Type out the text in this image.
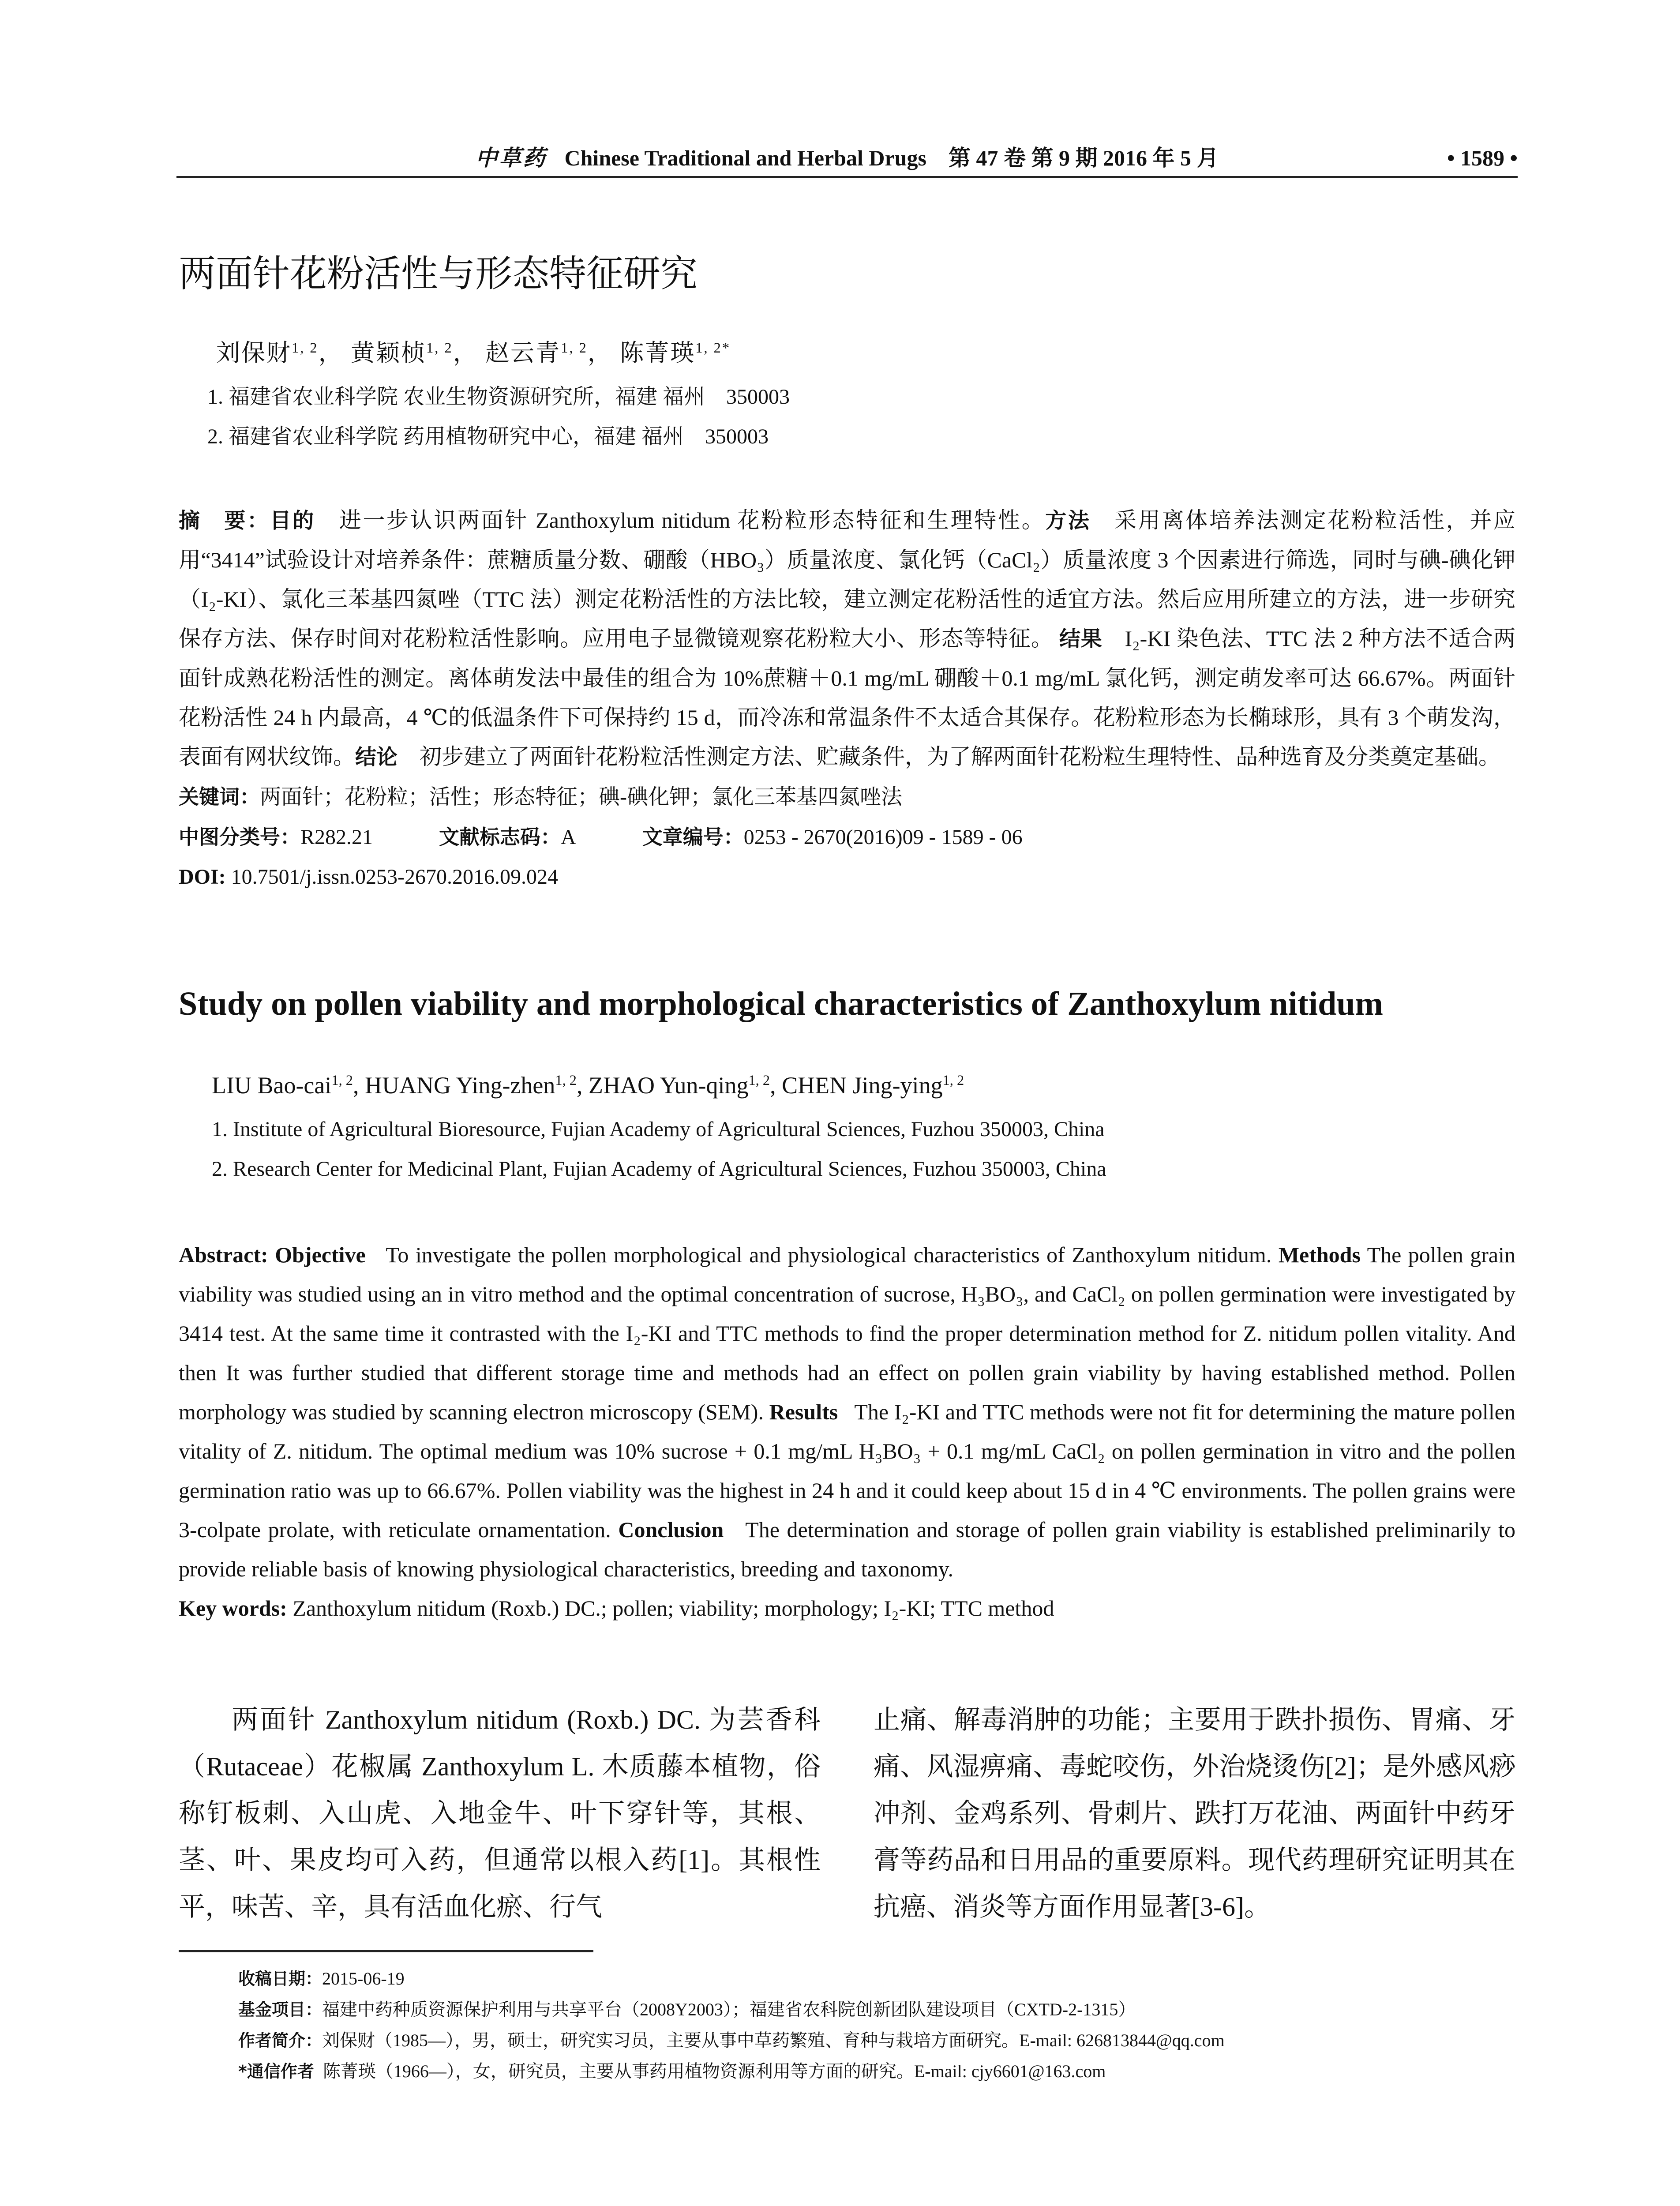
中草药 Chinese Traditional and Herbal Drugs　第 47 卷 第 9 期 2016 年 5 月	• 1589 •
两面针花粉活性与形态特征研究
刘保财$^{1, 2}$， 黄颖桢$^{1, 2}$， 赵云青$^{1, 2}$， 陈菁瑛$^{1, 2*}$
1. 福建省农业科学院 农业生物资源研究所，福建 福州　350003
2. 福建省农业科学院 药用植物研究中心，福建 福州　350003

摘　要：目的　 进一步认识两面针 Zanthoxylum nitidum 花粉粒形态特征和生理特性。方法　 采用离体培养法测定花粉粒活性，并应用“3414”试验设计对培养条件：蔗糖质量分数、硼酸（HBO₃）质量浓度、氯化钙（CaCl₂）质量浓度 3 个因素进行筛选，同时与碘-碘化钾（I₂-KI）、氯化三苯基四氮唑（TTC 法）测定花粉活性的方法比较，建立测定花粉活性的适宜方法。然后应用所建立的方法，进一步研究保存方法、保存时间对花粉粒活性影响。应用电子显微镜观察花粉粒大小、形态等特征。 结果　 I₂-KI 染色法、TTC 法 2 种方法不适合两面针成熟花粉活性的测定。离体萌发法中最佳的组合为 10%蔗糖＋0.1 mg/mL 硼酸＋0.1 mg/mL 氯化钙，测定萌发率可达 66.67%。两面针花粉活性 24 h 内最高，4 ℃的低温条件下可保持约 15 d，而冷冻和常温条件不太适合其保存。花粉粒形态为长椭球形，具有 3 个萌发沟，表面有网状纹饰。结论　 初步建立了两面针花粉粒活性测定方法、贮藏条件，为了解两面针花粉粒生理特性、品种选育及分类奠定基础。

关键词：两面针；花粉粒；活性；形态特征；碘-碘化钾；氯化三苯基四氮唑法

中图分类号：R282.21	文献标志码：A	文章编号：0253 - 2670(2016)09 - 1589 - 06

DOI: 10.7501/j.issn.0253-2670.2016.09.024

Study on pollen viability and morphological characteristics of Zanthoxylum nitidum
LIU Bao-cai$^{1, 2}$, HUANG Ying-zhen$^{1, 2}$, ZHAO Yun-qing$^{1, 2}$, CHEN Jing-ying$^{1, 2}$
1. Institute of Agricultural Bioresource, Fujian Academy of Agricultural Sciences, Fuzhou 350003, China
2. Research Center for Medicinal Plant, Fujian Academy of Agricultural Sciences, Fuzhou 350003, China

Abstract: Objective To investigate the pollen morphological and physiological characteristics of Zanthoxylum nitidum. Methods The pollen grain viability was studied using an in vitro method and the optimal concentration of sucrose, H₃BO₃, and CaCl₂ on pollen germination were investigated by 3414 test. At the same time it contrasted with the I₂-KI and TTC methods to find the proper determination method for Z. nitidum pollen vitality. And then It was further studied that different storage time and methods had an effect on pollen grain viability by having established method. Pollen morphology was studied by scanning electron microscopy (SEM). Results The I₂-KI and TTC methods were not fit for determining the mature pollen vitality of Z. nitidum. The optimal medium was 10% sucrose + 0.1 mg/mL H₃BO₃ + 0.1 mg/mL CaCl₂ on pollen germination in vitro and the pollen germination ratio was up to 66.67%. Pollen viability was the highest in 24 h and it could keep about 15 d in 4 ℃ environments. The pollen grains were 3-colpate prolate, with reticulate ornamentation. Conclusion The determination and storage of pollen grain viability is established preliminarily to provide reliable basis of knowing physiological characteristics, breeding and taxonomy.

Key words: Zanthoxylum nitidum (Roxb.) DC.; pollen; viability; morphology; I₂-KI; TTC method

两面针 Zanthoxylum nitidum (Roxb.) DC. 为芸香科（Rutaceae）花椒属 Zanthoxylum L. 木质藤本植物，俗称钉板刺、入山虎、入地金牛、叶下穿针等，其根、茎、叶、果皮均可入药，但通常以根入药[1]。其根性平，味苦、辛，具有活血化瘀、行气

止痛、解毒消肿的功能；主要用于跌扑损伤、胃痛、牙痛、风湿痹痛、毒蛇咬伤，外治烧烫伤[2]；是外感风痧冲剂、金鸡系列、骨刺片、跌打万花油、两面针中药牙膏等药品和日用品的重要原料。现代药理研究证明其在抗癌、消炎等方面作用显著[3-6]。

收稿日期：2015-06-19

基金项目：福建中药种质资源保护利用与共享平台（2008Y2003）；福建省农科院创新团队建设项目（CXTD-2-1315）

作者简介：刘保财（1985—），男，硕士，研究实习员，主要从事中草药繁殖、育种与栽培方面研究。E-mail: 626813844@qq.com

*通信作者 陈菁瑛（1966—），女，研究员，主要从事药用植物资源利用等方面的研究。E-mail: cjy6601@163.com
